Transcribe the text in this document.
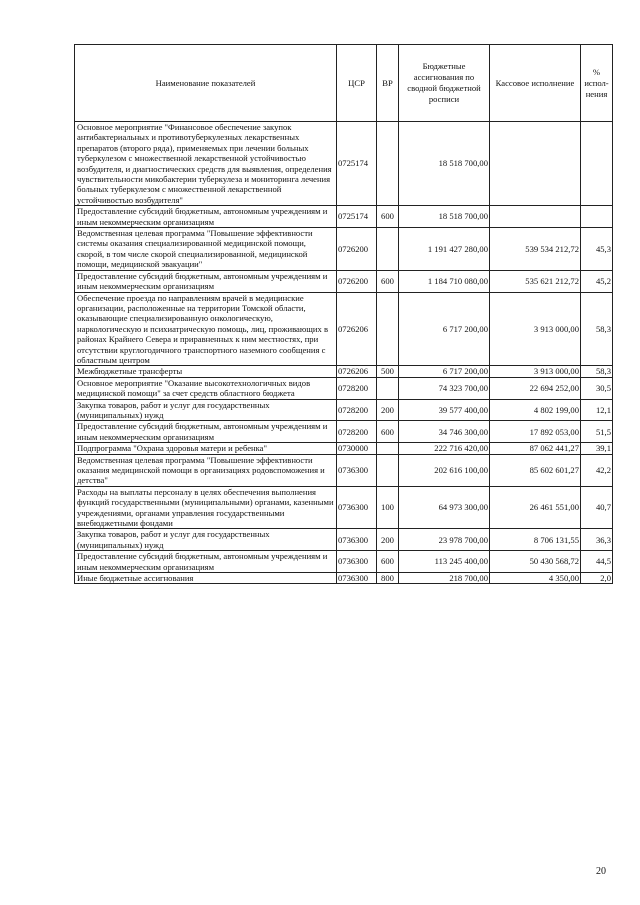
Наименование показателей	ЦСР	ВР	Бюджетные ассигнования по сводной бюджетной росписи	Кассовое исполнение	% испол-нения
Основное мероприятие "Финансовое обеспечение закупок антибактериальных и противотуберкулезных лекарственных препаратов (второго ряда), применяемых при лечении больных туберкулезом с множественной лекарственной устойчивостью возбудителя, и диагностических средств для выявления, определения чувствительности микобактерии туберкулеза и мониторинга лечения больных туберкулезом с множественной лекарственной устойчивостью возбудителя"	0725174		18 518 700,00		
Предоставление субсидий бюджетным, автономным учреждениям и иным некоммерческим организациям	0725174	600	18 518 700,00		
Ведомственная целевая программа "Повышение эффективности системы оказания специализированной медицинской помощи, скорой, в том числе скорой специализированной, медицинской помощи, медицинской эвакуации"	0726200		1 191 427 280,00	539 534 212,72	45,3
Предоставление субсидий бюджетным, автономным учреждениям и иным некоммерческим организациям	0726200	600	1 184 710 080,00	535 621 212,72	45,2
Обеспечение проезда по направлениям врачей в медицинские организации, расположенные на территории Томской области, оказывающие специализированную онкологическую, наркологическую и психиатрическую помощь, лиц, проживающих в районах Крайнего Севера и приравненных к ним местностях, при отсутствии круглогодичного транспортного наземного сообщения с областным центром	0726206		6 717 200,00	3 913 000,00	58,3
Межбюджетные трансферты	0726206	500	6 717 200,00	3 913 000,00	58,3
Основное мероприятие "Оказание высокотехнологичных видов медицинской помощи" за счет средств областного бюджета	0728200		74 323 700,00	22 694 252,00	30,5
Закупка товаров, работ и услуг для государственных (муниципальных) нужд	0728200	200	39 577 400,00	4 802 199,00	12,1
Предоставление субсидий бюджетным, автономным учреждениям и иным некоммерческим организациям	0728200	600	34 746 300,00	17 892 053,00	51,5
Подпрограмма "Охрана здоровья матери и ребенка"	0730000		222 716 420,00	87 062 441,27	39,1
Ведомственная целевая программа "Повышение эффективности оказания медицинской помощи в организациях родовспоможения и детства"	0736300		202 616 100,00	85 602 601,27	42,2
Расходы на выплаты персоналу в целях обеспечения выполнения функций государственными (муниципальными) органами, казенными учреждениями, органами управления государственными внебюджетными фондами	0736300	100	64 973 300,00	26 461 551,00	40,7
Закупка товаров, работ и услуг для государственных (муниципальных) нужд	0736300	200	23 978 700,00	8 706 131,55	36,3
Предоставление субсидий бюджетным, автономным учреждениям и иным некоммерческим организациям	0736300	600	113 245 400,00	50 430 568,72	44,5
Иные бюджетные ассигнования	0736300	800	218 700,00	4 350,00	2,0
20
